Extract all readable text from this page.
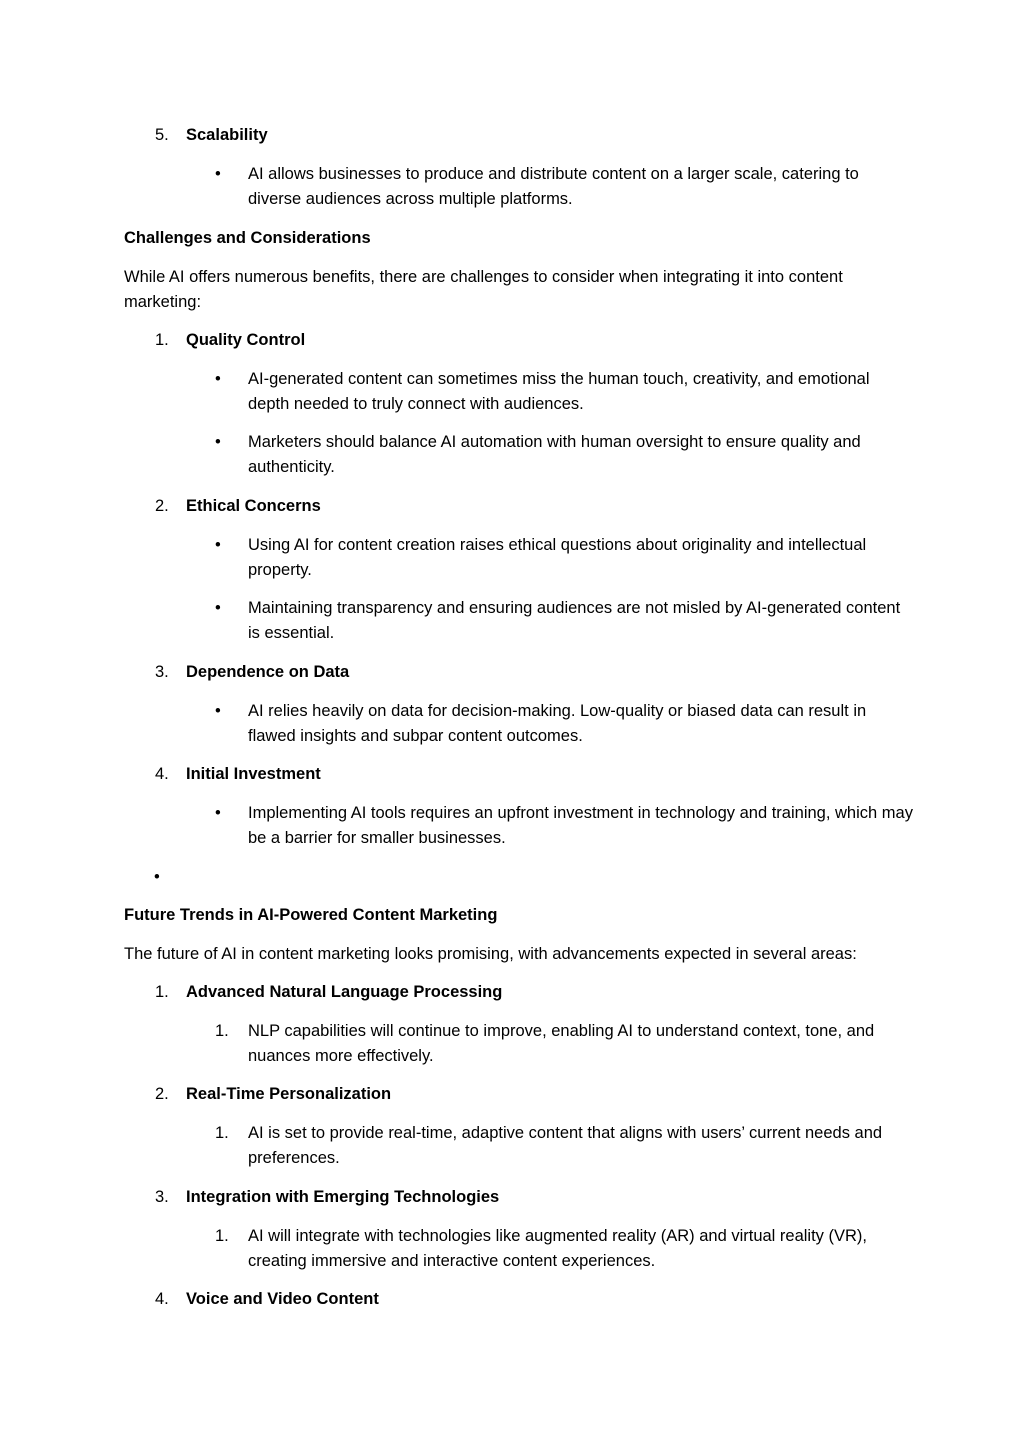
5. Scalability
•	AI allows businesses to produce and distribute content on a larger scale, catering to diverse audiences across multiple platforms.
Challenges and Considerations
While AI offers numerous benefits, there are challenges to consider when integrating it into content marketing:
1. Quality Control
•	AI-generated content can sometimes miss the human touch, creativity, and emotional depth needed to truly connect with audiences.
•	Marketers should balance AI automation with human oversight to ensure quality and authenticity.
2. Ethical Concerns
•	Using AI for content creation raises ethical questions about originality and intellectual property.
•	Maintaining transparency and ensuring audiences are not misled by AI-generated content is essential.
3. Dependence on Data
•	AI relies heavily on data for decision-making. Low-quality or biased data can result in flawed insights and subpar content outcomes.
4. Initial Investment
•	Implementing AI tools requires an upfront investment in technology and training, which may be a barrier for smaller businesses.
•
Future Trends in AI-Powered Content Marketing
The future of AI in content marketing looks promising, with advancements expected in several areas:
1. Advanced Natural Language Processing
1. NLP capabilities will continue to improve, enabling AI to understand context, tone, and nuances more effectively.
2. Real-Time Personalization
1. AI is set to provide real-time, adaptive content that aligns with users’ current needs and preferences.
3. Integration with Emerging Technologies
1. AI will integrate with technologies like augmented reality (AR) and virtual reality (VR), creating immersive and interactive content experiences.
4. Voice and Video Content
